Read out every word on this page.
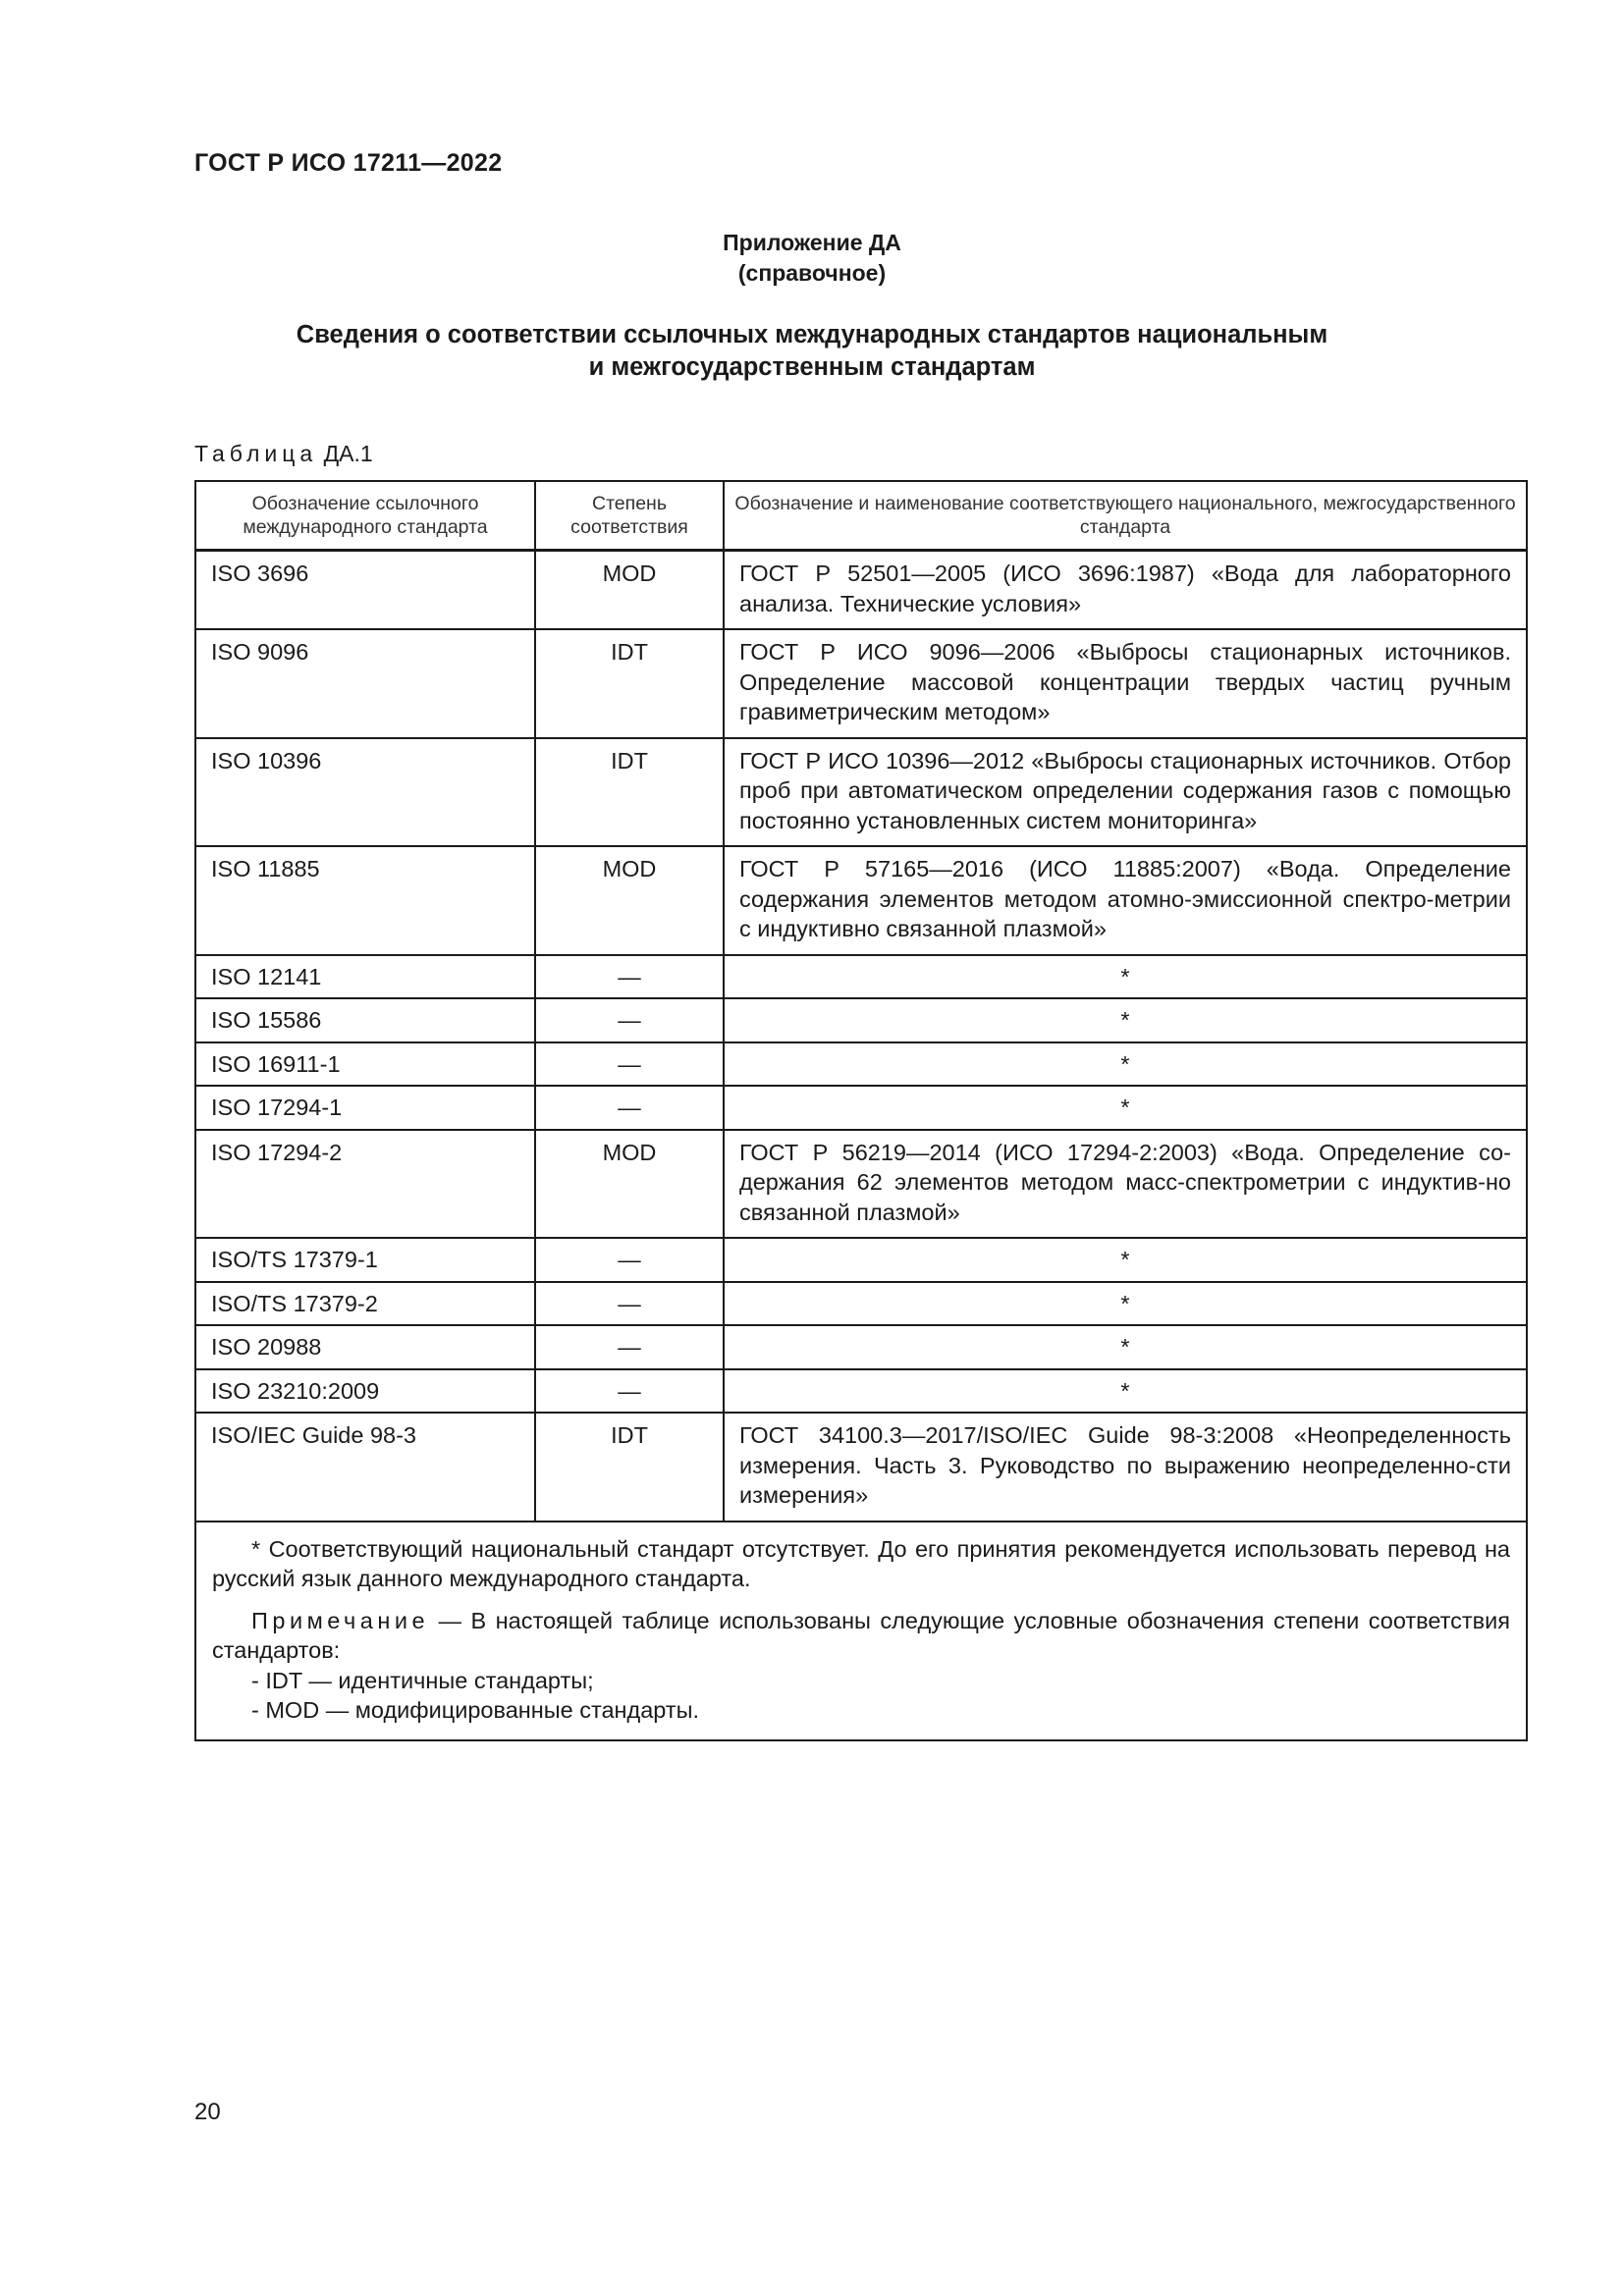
ГОСТ Р ИСО 17211—2022
Приложение ДА
(справочное)
Сведения о соответствии ссылочных международных стандартов национальным
и межгосударственным стандартам
Таблица ДА.1
Обозначение ссылочного международного стандарта	Степень соответствия	Обозначение и наименование соответствующего национального, межгосударственного стандарта
ISO 3696	MOD	ГОСТ Р 52501—2005 (ИСО 3696:1987) «Вода для лабораторного анализа. Технические условия»
ISO 9096	IDT	ГОСТ Р ИСО 9096—2006 «Выбросы стационарных источников. Определение массовой концентрации твердых частиц ручным гравиметрическим методом»
ISO 10396	IDT	ГОСТ Р ИСО 10396—2012 «Выбросы стационарных источников. Отбор проб при автоматическом определении содержания газов с помощью постоянно установленных систем мониторинга»
ISO 11885	MOD	ГОСТ Р 57165—2016 (ИСО 11885:2007) «Вода. Определение содержания элементов методом атомно-эмиссионной спектро-метрии с индуктивно связанной плазмой»
ISO 12141	—	*
ISO 15586	—	*
ISO 16911-1	—	*
ISO 17294-1	—	*
ISO 17294-2	MOD	ГОСТ Р 56219—2014 (ИСО 17294-2:2003) «Вода. Определение со-держания 62 элементов методом масс-спектрометрии с индуктив-но связанной плазмой»
ISO/TS 17379-1	—	*
ISO/TS 17379-2	—	*
ISO 20988	—	*
ISO 23210:2009	—	*
ISO/IEC Guide 98-3	IDT	ГОСТ 34100.3—2017/ISO/IEC Guide 98-3:2008 «Неопределенность измерения. Часть 3. Руководство по выражению неопределенно-сти измерения»

* Соответствующий национальный стандарт отсутствует. До его принятия рекомендуется использовать перевод на русский язык данного международного стандарта.

Примечание — В настоящей таблице использованы следующие условные обозначения степени соответствия стандартов:

- IDT — идентичные стандарты;
- MOD — модифицированные стандарты.		
20
